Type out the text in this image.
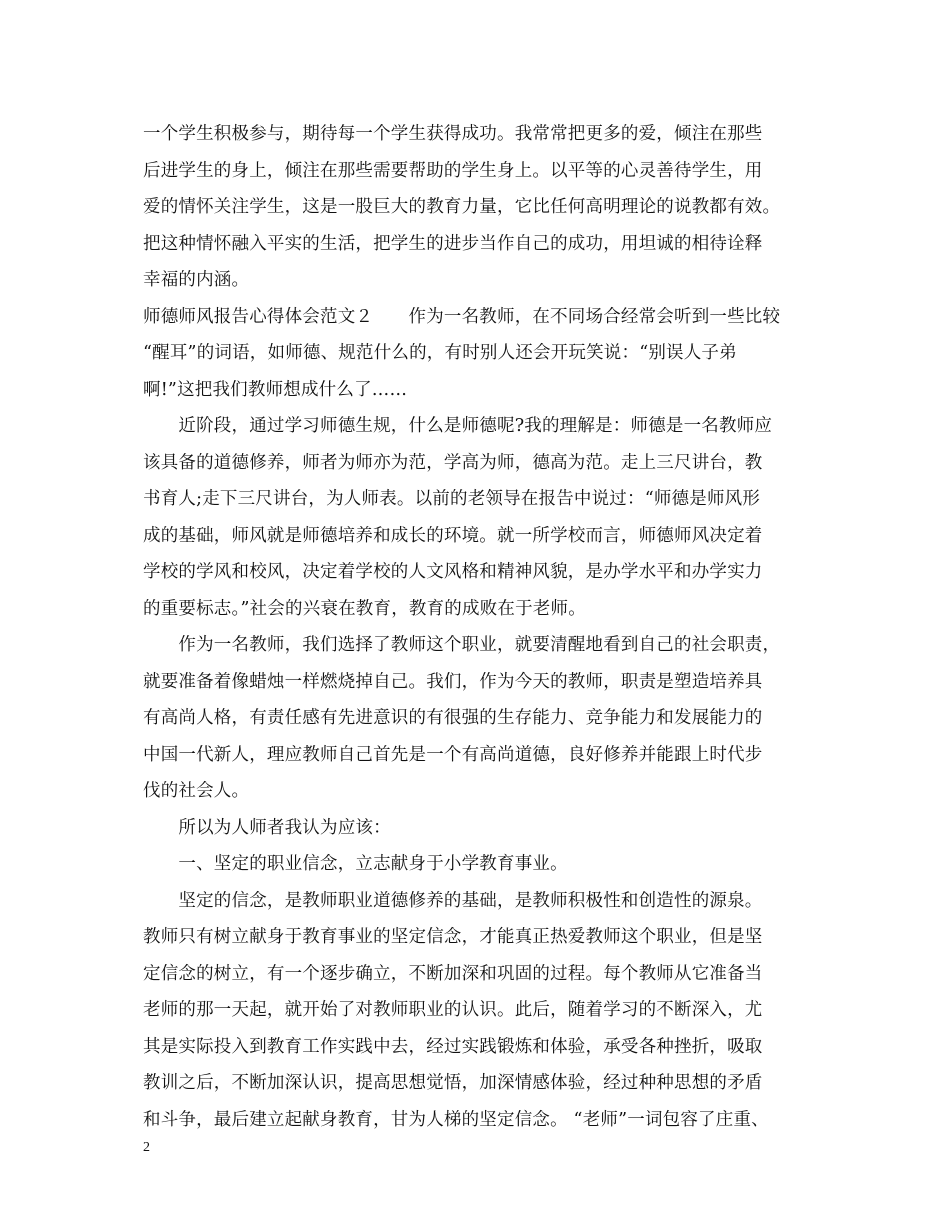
一个学生积极参与，期待每一个学生获得成功。我常常把更多的爱，倾注在那些
后进学生的身上，倾注在那些需要帮助的学生身上。以平等的心灵善待学生，用
爱的情怀关注学生，这是一股巨大的教育力量，它比任何高明理论的说教都有效。
把这种情怀融入平实的生活，把学生的进步当作自己的成功，用坦诚的相待诠释
幸福的内涵。
师德师风报告心得体会范文２　　作为一名教师，在不同场合经常会听到一些比较
“醒耳”的词语，如师德、规范什么的，有时别人还会开玩笑说：“别误人子弟
啊!”这把我们教师想成什么了……
　　近阶段，通过学习师德生规，什么是师德呢?我的理解是：师德是一名教师应
该具备的道德修养，师者为师亦为范，学高为师，德高为范。走上三尺讲台，教
书育人;走下三尺讲台，为人师表。以前的老领导在报告中说过：“师德是师风形
成的基础，师风就是师德培养和成长的环境。就一所学校而言，师德师风决定着
学校的学风和校风，决定着学校的人文风格和精神风貌，是办学水平和办学实力
的重要标志。”社会的兴衰在教育，教育的成败在于老师。
　　作为一名教师，我们选择了教师这个职业，就要清醒地看到自己的社会职责，
就要准备着像蜡烛一样燃烧掉自己。我们，作为今天的教师，职责是塑造培养具
有高尚人格，有责任感有先进意识的有很强的生存能力、竞争能力和发展能力的
中国一代新人，理应教师自己首先是一个有高尚道德，良好修养并能跟上时代步
伐的社会人。
　　所以为人师者我认为应该：
　　一、坚定的职业信念，立志献身于小学教育事业。
　　坚定的信念，是教师职业道德修养的基础，是教师积极性和创造性的源泉。
教师只有树立献身于教育事业的坚定信念，才能真正热爱教师这个职业，但是坚
定信念的树立，有一个逐步确立，不断加深和巩固的过程。每个教师从它准备当
老师的那一天起，就开始了对教师职业的认识。此后，随着学习的不断深入，尤
其是实际投入到教育工作实践中去，经过实践锻炼和体验，承受各种挫折，吸取
教训之后，不断加深认识，提高思想觉悟，加深情感体验，经过种种思想的矛盾
和斗争，最后建立起献身教育，甘为人梯的坚定信念。 “老师”一词包容了庄重、
2
